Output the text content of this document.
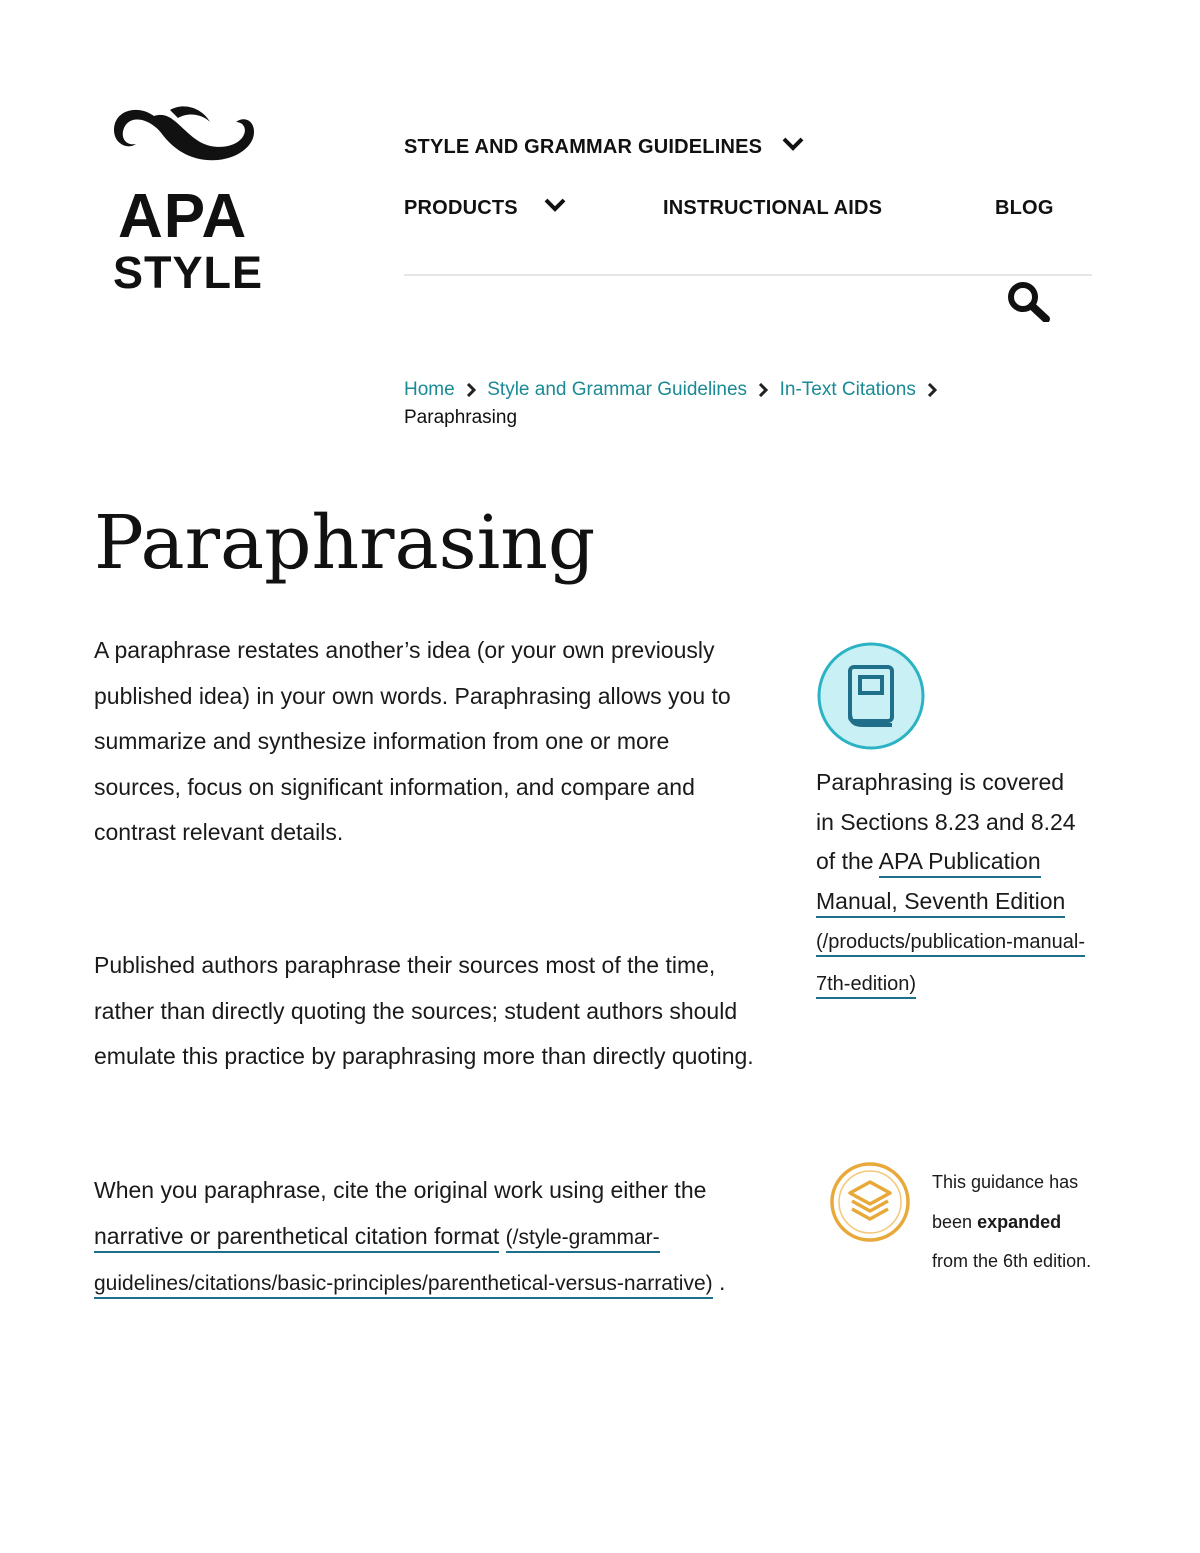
APA
STYLE
STYLE AND GRAMMAR GUIDELINES
PRODUCTS	INSTRUCTIONAL AIDS	BLOG
Home Style and Grammar Guidelines In-Text Citations
Paraphrasing
Paraphrasing

A paraphrase restates another’s idea (or your own previously published idea) in your own words. Paraphrasing allows you to summarize and synthesize information from one or more sources, focus on significant information, and compare and contrast relevant details.

Published authors paraphrase their sources most of the time, rather than directly quoting the sources; student authors should emulate this practice by paraphrasing more than directly quoting.

When you paraphrase, cite the original work using either the narrative or parenthetical citation format (/style-grammar-guidelines/citations/basic-principles/parenthetical-versus-narrative) .

Paraphrasing is covered in Sections 8.23 and 8.24 of the APA Publication Manual, Seventh Edition (/products/publication-manual-7th-edition)
This guidance has been expanded from the 6th edition.
